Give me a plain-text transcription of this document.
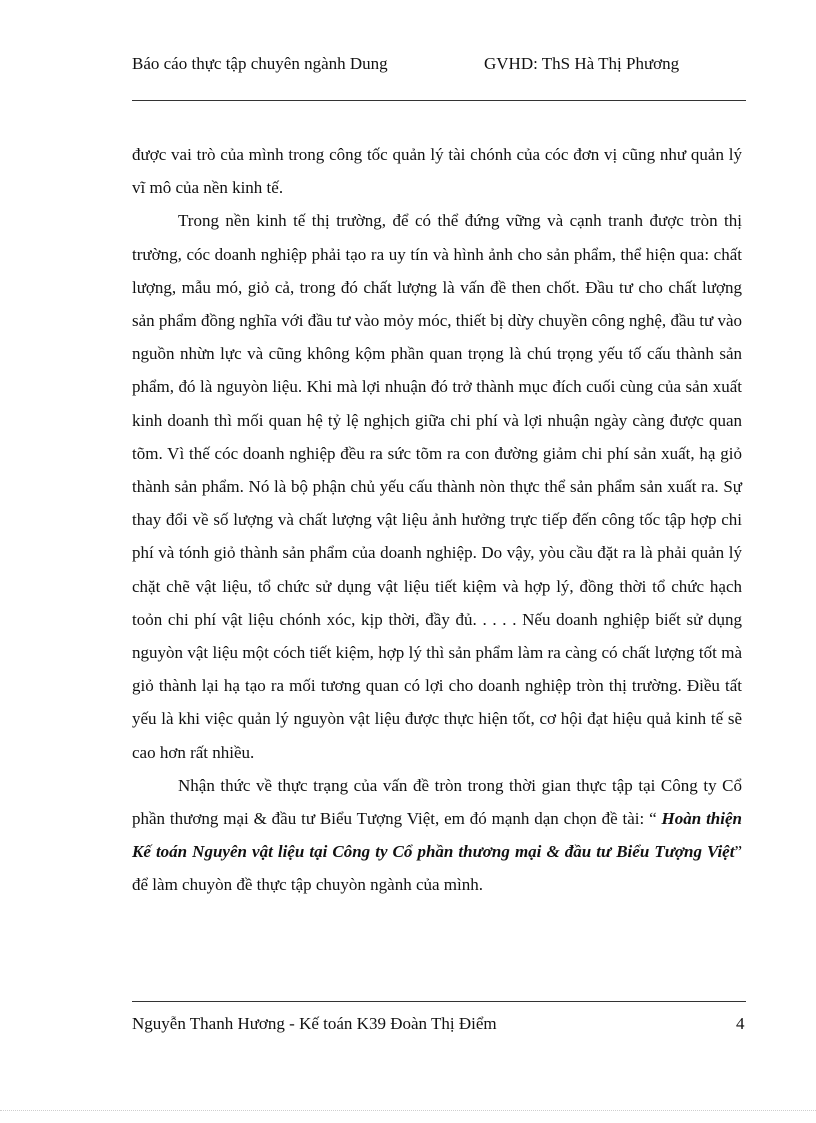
Báo cáo thực tập chuyên ngành Dung	GVHD: ThS Hà Thị Phương

được vai trò của mình trong công tốc quản lý tài chónh của cóc đơn vị cũng như quản lý vĩ mô của nền kinh tế.

Trong nền kinh tế thị trường, để có thể đứng vững và cạnh tranh được tròn thị trường, cóc doanh nghiệp phải tạo ra uy tín và hình ảnh cho sản phẩm, thể hiện qua: chất lượng, mẫu mó, giỏ cả, trong đó chất lượng là vấn đề then chốt. Đầu tư cho chất lượng sản phẩm đồng nghĩa với đầu tư vào mỏy móc, thiết bị dừy chuyền công nghệ, đầu tư vào nguồn nhừn lực và cũng không kộm phần quan trọng là chú trọng yếu tố cấu thành sản phẩm, đó là nguyòn liệu. Khi mà lợi nhuận đó trở thành mục đích cuối cùng của sản xuất kinh doanh thì mối quan hệ tỷ lệ nghịch giữa chi phí và lợi nhuận ngày càng được quan tõm. Vì thế cóc doanh nghiệp đều ra sức tõm ra con đường giảm chi phí sản xuất, hạ giỏ thành sản phẩm. Nó là bộ phận chủ yếu cấu thành nòn thực thể sản phẩm sản xuất ra. Sự thay đổi về số lượng và chất lượng vật liệu ảnh hưởng trực tiếp đến công tốc tập hợp chi phí và tónh giỏ thành sản phẩm của doanh nghiệp. Do vậy, yòu cầu đặt ra là phải quản lý chặt chẽ vật liệu, tổ chức sử dụng vật liệu tiết kiệm và hợp lý, đồng thời tổ chức hạch toỏn chi phí vật liệu chónh xóc, kịp thời, đầy đủ. . . . . Nếu doanh nghiệp biết sử dụng nguyòn vật liệu một cóch tiết kiệm, hợp lý thì sản phẩm làm ra càng có chất lượng tốt mà giỏ thành lại hạ tạo ra mối tương quan có lợi cho doanh nghiệp tròn thị trường. Điều tất yếu là khi việc quản lý nguyòn vật liệu được thực hiện tốt, cơ hội đạt hiệu quả kinh tế sẽ cao hơn rất nhiều.

Nhận thức về thực trạng của vấn đề tròn trong thời gian thực tập tại Công ty Cổ phần thương mại & đầu tư Biểu Tượng Việt, em đó mạnh dạn chọn đề tài: “ Hoàn thiện Kế toán Nguyên vật liệu tại Công ty Cổ phần thương mại & đầu tư Biểu Tượng Việt” để làm chuyòn đề thực tập chuyòn ngành của mình.

Nguyễn Thanh Hương - Kế toán K39 Đoàn Thị Điểm	4
